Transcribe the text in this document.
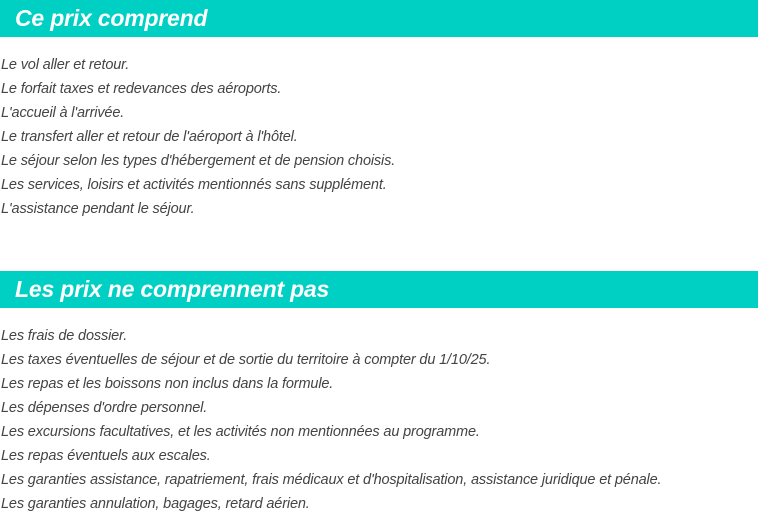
Ce prix comprend
Le vol aller et retour.
Le forfait taxes et redevances des aéroports.
L'accueil à l'arrivée.
Le transfert aller et retour de l'aéroport à l'hôtel.
Le séjour selon les types d'hébergement et de pension choisis.
Les services, loisirs et activités mentionnés sans supplément.
L'assistance pendant le séjour.
Les prix ne comprennent pas
Les frais de dossier.
Les taxes éventuelles de séjour et de sortie du territoire à compter du 1/10/25.
Les repas et les boissons non inclus dans la formule.
Les dépenses d'ordre personnel.
Les excursions facultatives, et les activités non mentionnées au programme.
Les repas éventuels aux escales.
Les garanties assistance, rapatriement, frais médicaux et d'hospitalisation, assistance juridique et pénale.
Les garanties annulation, bagages, retard aérien.
